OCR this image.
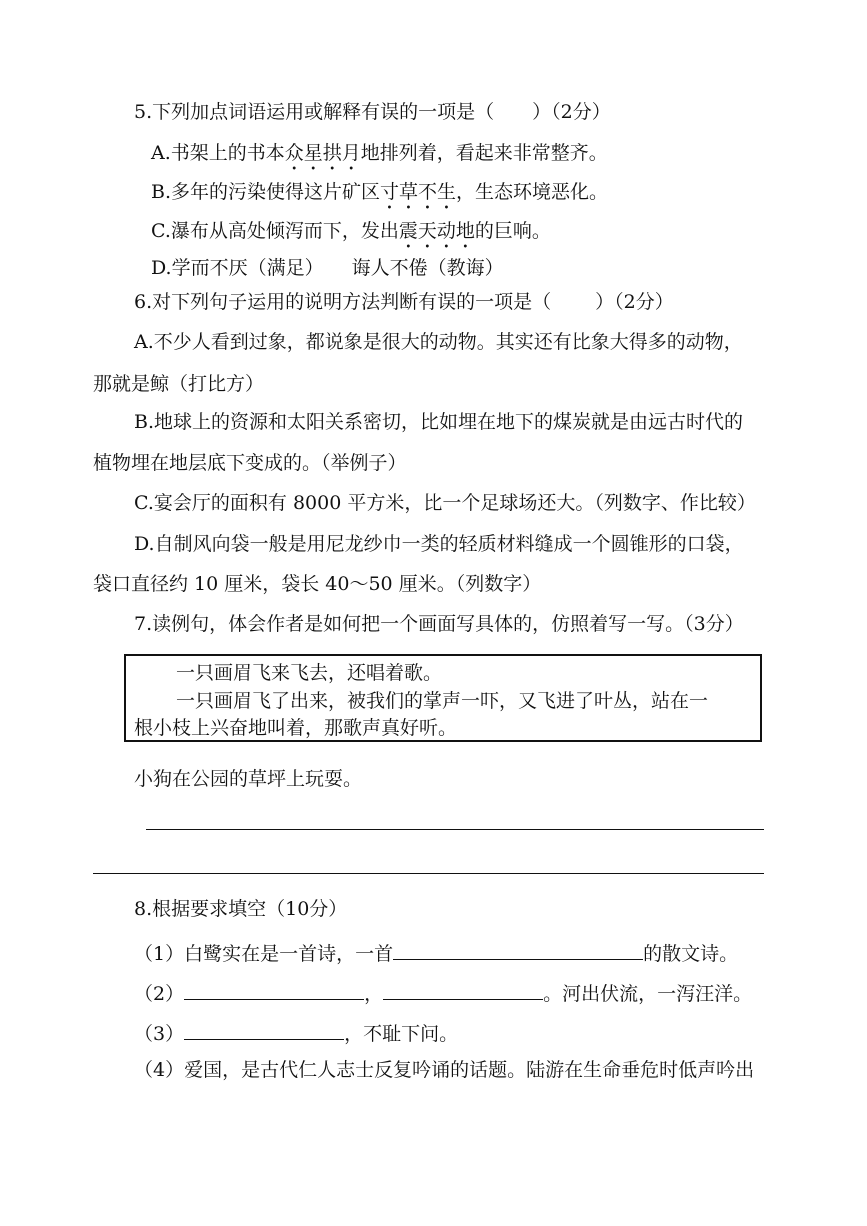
5.下列加点词语运用或解释有误的一项是（ ）（2分）
A.书架上的书本众星拱月地排列着，看起来非常整齐。
B.多年的污染使得这片矿区寸草不生，生态环境恶化。
C.瀑布从高处倾泻而下，发出震天动地的巨响。
D.学而不厌（满足） 诲人不倦（教诲）
6.对下列句子运用的说明方法判断有误的一项是（ ）（2分）
A.不少人看到过象，都说象是很大的动物。其实还有比象大得多的动物，
那就是鲸（打比方）
B.地球上的资源和太阳关系密切，比如埋在地下的煤炭就是由远古时代的
植物埋在地层底下变成的。（举例子）
C.宴会厅的面积有 8000 平方米，比一个足球场还大。（列数字、作比较）
D.自制风向袋一般是用尼龙纱巾一类的轻质材料缝成一个圆锥形的口袋，
袋口直径约 10 厘米，袋长 40～50 厘米。（列数字）
7.读例句，体会作者是如何把一个画面写具体的，仿照着写一写。（3分）
一只画眉飞来飞去，还唱着歌。
一只画眉飞了出来，被我们的掌声一吓，又飞进了叶丛，站在一
根小枝上兴奋地叫着，那歌声真好听。
小狗在公园的草坪上玩耍。
8.根据要求填空（10分）
（1）白鹭实在是一首诗，一首	的散文诗。
（2）	，	。河出伏流，一泻汪洋。
（3）	，不耻下问。
（4）爱国，是古代仁人志士反复吟诵的话题。陆游在生命垂危时低声吟出
